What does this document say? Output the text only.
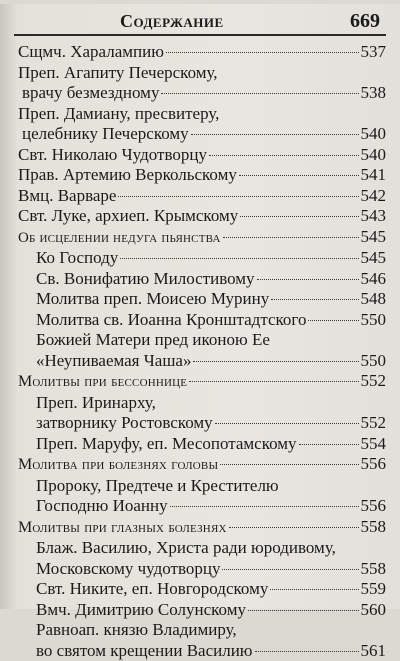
Содержание	669
Сщмч. Харалампию	537
Преп. Агапиту Печерскому,
врачу безмездному	538
Преп. Дамиану, пресвитеру,
целебнику Печерскому	540
Свт. Николаю Чудотворцу	540
Прав. Артемию Веркольскому	541
Вмц. Варваре	542
Свт. Луке, архиеп. Крымскому	543
Об исцелении недуга пьянства	545
Ко Господу	545
Св. Вонифатию Милостивому	546
Молитва преп. Моисею Мурину	548
Молитва св. Иоанна Кронштадтского	550
Божией Матери пред иконою Ее
«Неупиваемая Чаша»	550
Молитвы при бессоннице	552
Преп. Иринарху,
затворнику Ростовскому	552
Преп. Маруфу, еп. Месопотамскому	554
Молитва при болезнях головы	556
Пророку, Предтече и Крестителю
Господню Иоанну	556
Молитвы при глазных болезнях	558
Блаж. Василию, Христа ради юродивому,
Московскому чудотворцу	558
Свт. Никите, еп. Новгородскому	559
Вмч. Димитрию Солунскому	560
Равноап. князю Владимиру,
во святом крещении Василию	561
